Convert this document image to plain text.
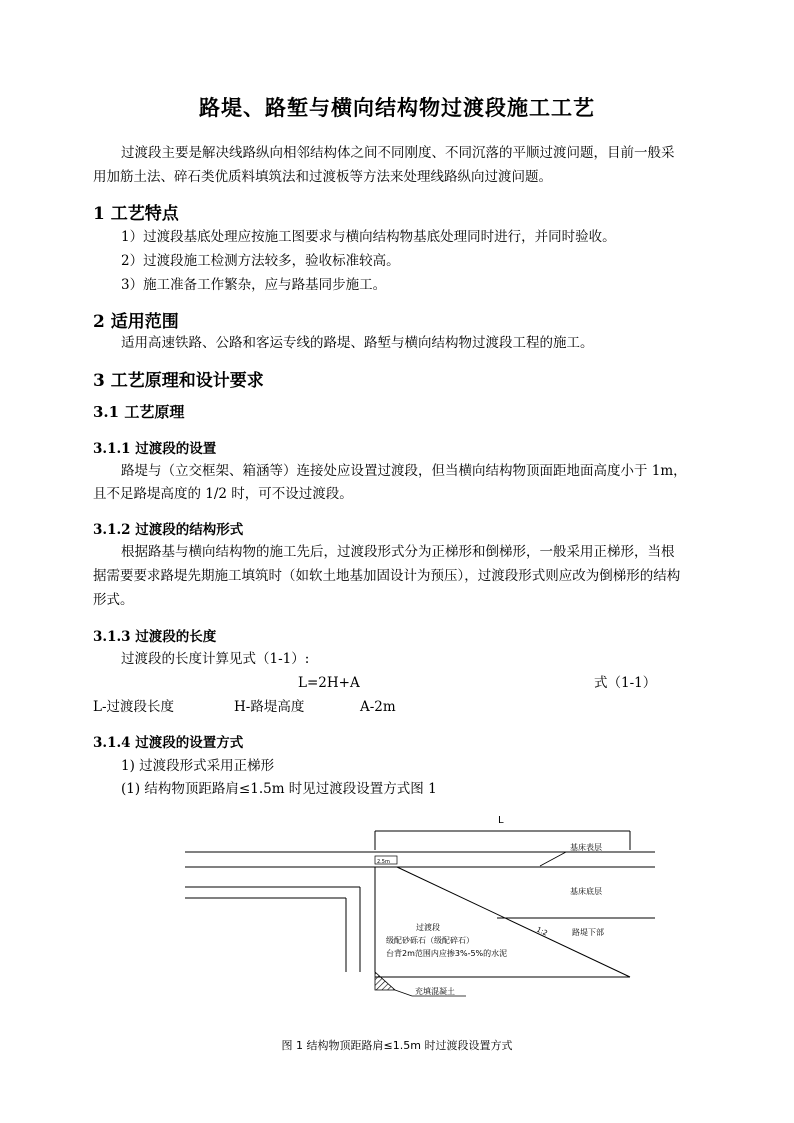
路堤、路堑与横向结构物过渡段施工工艺
过渡段主要是解决线路纵向相邻结构体之间不同刚度、不同沉落的平顺过渡问题，目前一般采
用加筋土法、碎石类优质料填筑法和过渡板等方法来处理线路纵向过渡问题。
1 工艺特点
1）过渡段基底处理应按施工图要求与横向结构物基底处理同时进行，并同时验收。
2）过渡段施工检测方法较多，验收标准较高。
3）施工准备工作繁杂，应与路基同步施工。
2 适用范围
适用高速铁路、公路和客运专线的路堤、路堑与横向结构物过渡段工程的施工。
3 工艺原理和设计要求
3.1 工艺原理
3.1.1 过渡段的设置
路堤与（立交框架、箱涵等）连接处应设置过渡段，但当横向结构物顶面距地面高度小于 1m，
且不足路堤高度的 1/2 时，可不设过渡段。
3.1.2 过渡段的结构形式
根据路基与横向结构物的施工先后，过渡段形式分为正梯形和倒梯形，一般采用正梯形，当根
据需要要求路堤先期施工填筑时（如软土地基加固设计为预压），过渡段形式则应改为倒梯形的结构
形式。
3.1.3 过渡段的长度
过渡段的长度计算见式（1-1）:
L=2H+A	式（1-1）
L-过渡段长度	H-路堤高度	A-2m
3.1.4 过渡段的设置方式
1) 过渡段形式采用正梯形
(1) 结构物顶距路肩≤1.5m 时见过渡段设置方式图 1
L
基床表层
2.5m
基床底层
1:2	路堤下部
过渡段
级配砂砾石（级配碎石）
台背2m范围内应掺3%-5%的水泥
充填混凝土
图 1 结构物顶距路肩≤1.5m 时过渡段设置方式
